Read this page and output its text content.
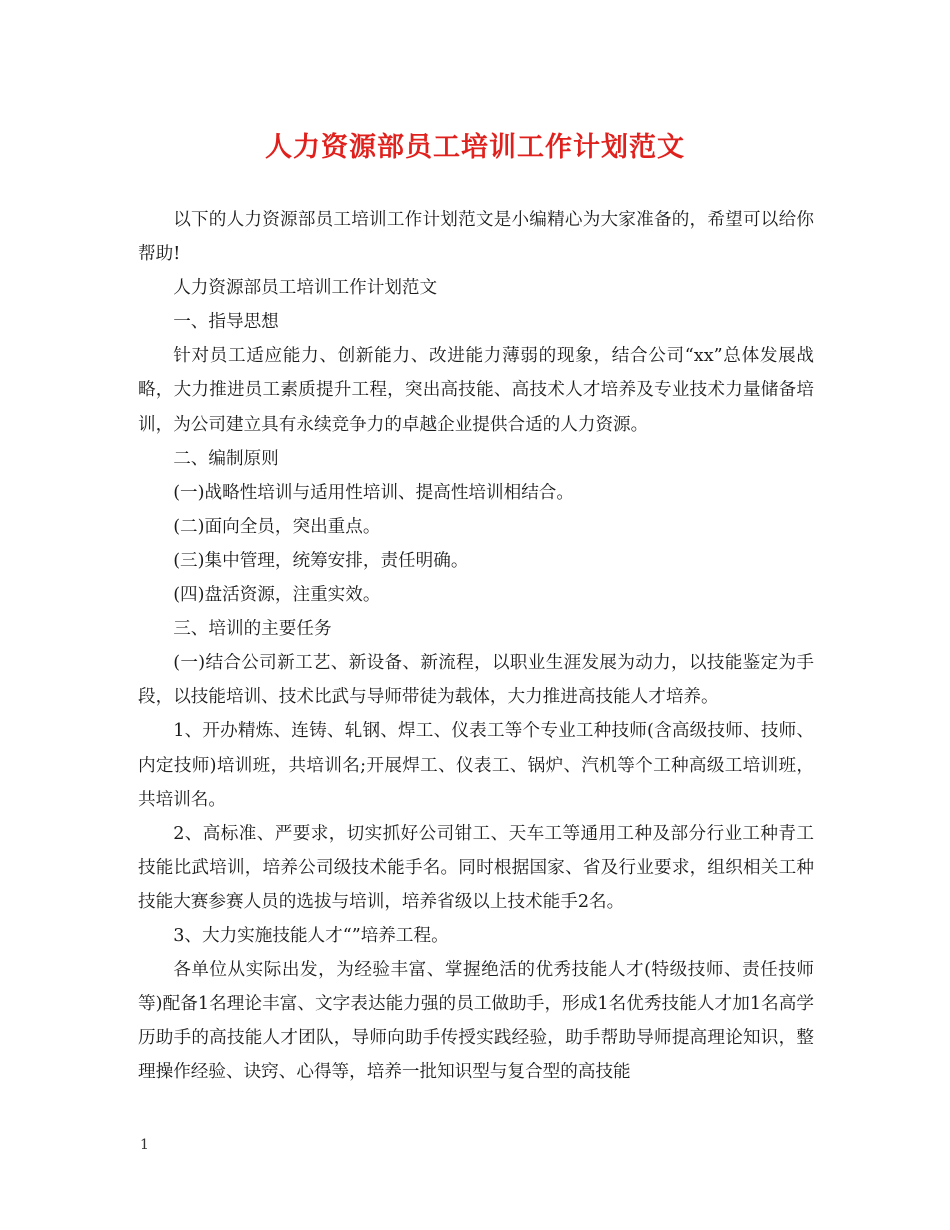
人力资源部员工培训工作计划范文

以下的人力资源部员工培训工作计划范文是小编精心为大家准备的，希望可以给你帮助!

人力资源部员工培训工作计划范文

一、指导思想

针对员工适应能力、创新能力、改进能力薄弱的现象，结合公司“xx”总体发展战略，大力推进员工素质提升工程，突出高技能、高技术人才培养及专业技术力量储备培训，为公司建立具有永续竞争力的卓越企业提供合适的人力资源。

二、编制原则

(一)战略性培训与适用性培训、提高性培训相结合。

(二)面向全员，突出重点。

(三)集中管理，统筹安排，责任明确。

(四)盘活资源，注重实效。

三、培训的主要任务

(一)结合公司新工艺、新设备、新流程，以职业生涯发展为动力，以技能鉴定为手段，以技能培训、技术比武与导师带徒为载体，大力推进高技能人才培养。

1、开办精炼、连铸、轧钢、焊工、仪表工等个专业工种技师(含高级技师、技师、内定技师)培训班，共培训名;开展焊工、仪表工、锅炉、汽机等个工种高级工培训班，共培训名。

2、高标准、严要求，切实抓好公司钳工、天车工等通用工种及部分行业工种青工技能比武培训，培养公司级技术能手名。同时根据国家、省及行业要求，组织相关工种技能大赛参赛人员的选拔与培训，培养省级以上技术能手2名。

3、大力实施技能人才“”培养工程。

各单位从实际出发，为经验丰富、掌握绝活的优秀技能人才(特级技师、责任技师等)配备1名理论丰富、文字表达能力强的员工做助手，形成1名优秀技能人才加1名高学历助手的高技能人才团队，导师向助手传授实践经验，助手帮助导师提高理论知识，整理操作经验、诀窍、心得等，培养一批知识型与复合型的高技能

1
